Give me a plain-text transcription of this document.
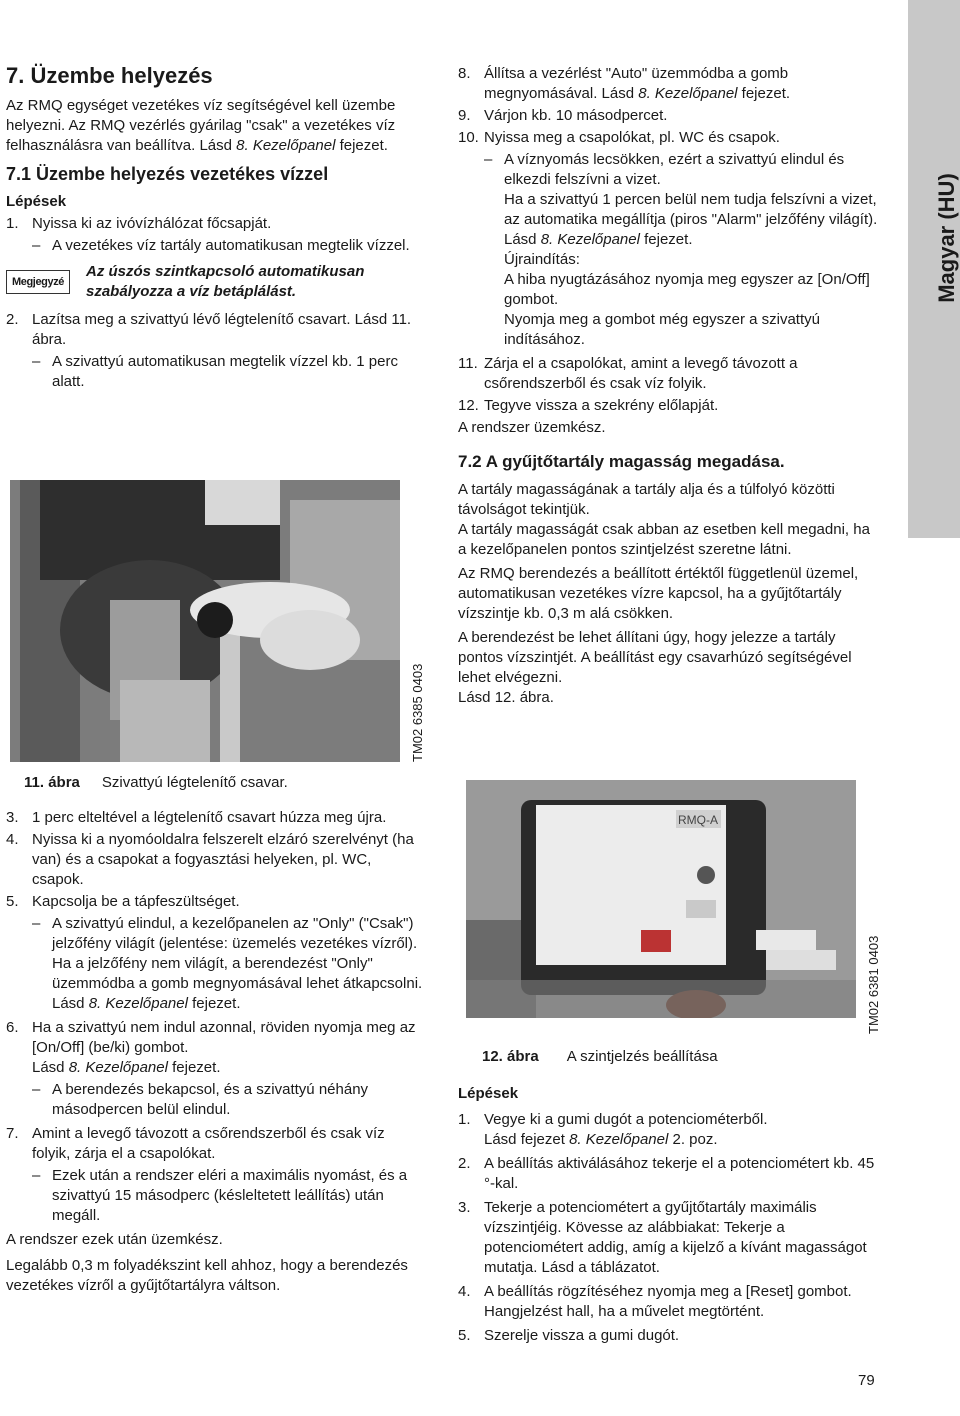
Magyar (HU)
7. Üzembe helyezés

Az RMQ egységet vezetékes víz segítségével kell üzembe helyezni. Az RMQ vezérlés gyárilag "csak" a vezetékes víz felhasználásra van beállítva. Lásd 8. Kezelőpanel fejezet.

7.1 Üzembe helyezés vezetékes vízzel
Lépések
1. Nyissa ki az ivóvízhálózat főcsapját.
– A vezetékes víz tartály automatikusan megtelik vízzel.
Megjegyzé
Az úszós szintkapcsoló automatikusan szabályozza a víz betáplálást.
2. Lazítsa meg a szivattyú lévő légtelenítő csavart. Lásd 11. ábra.
– A szivattyú automatikusan megtelik vízzel kb. 1 perc alatt.
TM02 6385 0403
11. ábra Szivattyú légtelenítő csavar.
3. 1 perc elteltével a légtelenítő csavart húzza meg újra.
4. Nyissa ki a nyomóoldalra felszerelt elzáró szerelvényt (ha van) és a csapokat a fogyasztási helyeken, pl. WC, csapok.
5. Kapcsolja be a tápfeszültséget.
– A szivattyú elindul, a kezelőpanelen az "Only" ("Csak") jelzőfény világít (jelentése: üzemelés vezetékes vízről). Ha a jelzőfény nem világít, a berendezést "Only" üzemmódba a gomb megnyomásával lehet átkapcsolni.
Lásd 8. Kezelőpanel fejezet.
6. Ha a szivattyú nem indul azonnal, röviden nyomja meg az [On/Off] (be/ki) gombot.
Lásd 8. Kezelőpanel fejezet.
– A berendezés bekapcsol, és a szivattyú néhány másodpercen belül elindul.
7. Amint a levegő távozott a csőrendszerből és csak víz folyik, zárja el a csapolókat.
– Ezek után a rendszer eléri a maximális nyomást, és a szivattyú 15 másodperc (késleltetett leállítás) után megáll.

A rendszer ezek után üzemkész.

Legalább 0,3 m folyadékszint kell ahhoz, hogy a berendezés vezetékes vízről a gyűjtőtartályra váltson.

8. Állítsa a vezérlést "Auto" üzemmódba a gomb megnyomásával. Lásd 8. Kezelőpanel fejezet.
9. Várjon kb. 10 másodpercet.
10. Nyissa meg a csapolókat, pl. WC és csapok.
– A víznyomás lecsökken, ezért a szivattyú elindul és elkezdi felszívni a vizet.
Ha a szivattyú 1 percen belül nem tudja felszívni a vizet, az automatika megállítja (piros "Alarm" jelzőfény világít).
Lásd 8. Kezelőpanel fejezet.
Újraindítás:
A hiba nyugtázásához nyomja meg egyszer az [On/Off] gombot.
Nyomja meg a gombot még egyszer a szivattyú indításához.
11. Zárja el a csapolókat, amint a levegő távozott a csőrendszerből és csak víz folyik.
12. Tegyve vissza a szekrény előlapját.

A rendszer üzemkész.

7.2 A gyűjtőtartály magasság megadása.

A tartály magasságának a tartály alja és a túlfolyó közötti távolságot tekintjük.
A tartály magasságát csak abban az esetben kell megadni, ha a kezelőpanelen pontos szintjelzést szeretne látni.

Az RMQ berendezés a beállított értéktől függetlenül üzemel, automatikusan vezetékes vízre kapcsol, ha a gyűjtőtartály vízszintje kb. 0,3 m alá csökken.

A berendezést be lehet állítani úgy, hogy jelezze a tartály pontos vízszintjét. A beállítást egy csavarhúzó segítségével lehet elvégezni.
Lásd 12. ábra.

RMQ-A
TM02 6381 0403
12. ábra A szintjelzés beállítása
Lépések
1. Vegye ki a gumi dugót a potenciométerből.
Lásd fejezet 8. Kezelőpanel 2. poz.
2. A beállítás aktiválásához tekerje el a potenciométert kb. 45 °-kal.
3. Tekerje a potenciométert a gyűjtőtartály maximális vízszintjéig. Kövesse az alábbiakat: Tekerje a potenciométert addig, amíg a kijelző a kívánt magasságot mutatja. Lásd a táblázatot.
4. A beállítás rögzítéséhez nyomja meg a [Reset] gombot.
Hangjelzést hall, ha a művelet megtörtént.
5. Szerelje vissza a gumi dugót.
79
